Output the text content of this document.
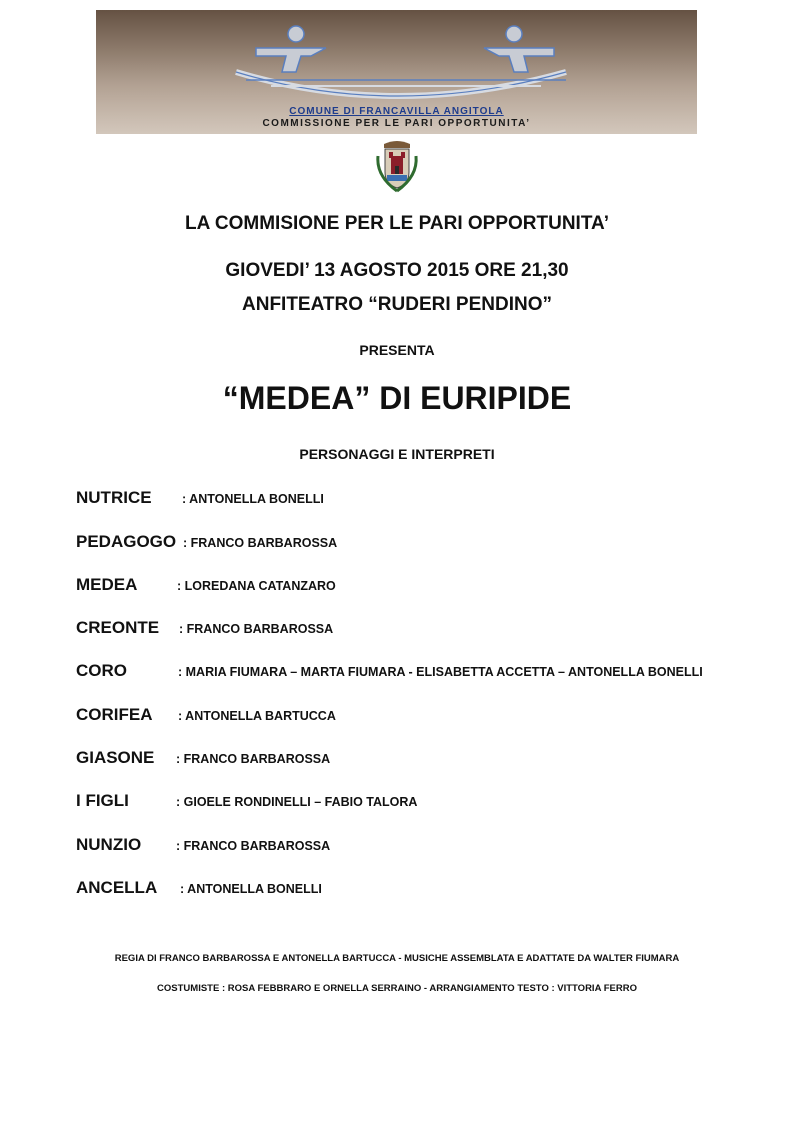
COMUNE DI FRANCAVILLA ANGITOLA
COMMISSIONE PER LE PARI OPPORTUNITA’
LA COMMISIONE PER LE PARI OPPORTUNITA’
GIOVEDI’ 13 AGOSTO 2015 ORE 21,30
ANFITEATRO “RUDERI PENDINO”
PRESENTA
“MEDEA” DI EURIPIDE
PERSONAGGI E INTERPRETI
NUTRICE : ANTONELLA BONELLI
PEDAGOGO : FRANCO BARBAROSSA
MEDEA	: LOREDANA CATANZARO
CREONTE : FRANCO BARBAROSSA
CORO	: MARIA FIUMARA – MARTA FIUMARA - ELISABETTA ACCETTA – ANTONELLA BONELLI
CORIFEA : ANTONELLA BARTUCCA
GIASONE : FRANCO BARBAROSSA
I FIGLI	: GIOELE RONDINELLI – FABIO TALORA
NUNZIO	: FRANCO BARBAROSSA
ANCELLA : ANTONELLA BONELLI
REGIA DI FRANCO BARBAROSSA E ANTONELLA BARTUCCA - MUSICHE ASSEMBLATA E ADATTATE DA WALTER FIUMARA
COSTUMISTE : ROSA FEBBRARO E ORNELLA SERRAINO - ARRANGIAMENTO TESTO : VITTORIA FERRO
